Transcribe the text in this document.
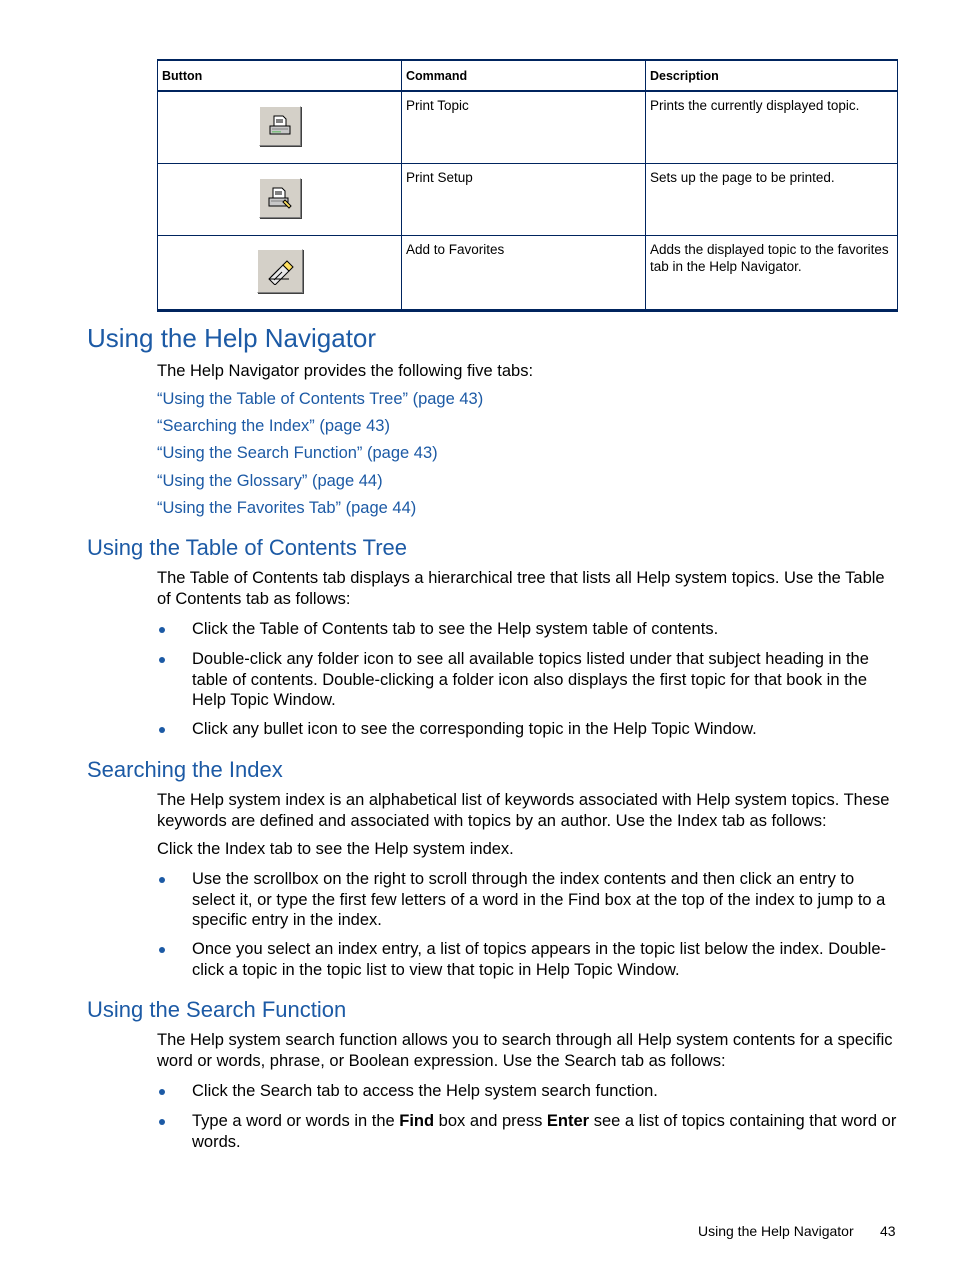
Button	Command	Description

	Print Topic	Prints the currently displayed topic.

	Print Setup	Sets up the page to be printed.

	Add to Favorites	Adds the displayed topic to the favorites tab in the Help Navigator.
Using the Help Navigator

The Help Navigator provides the following five tabs:

“Using the Table of Contents Tree” (page 43)
“Searching the Index” (page 43)
“Using the Search Function” (page 43)
“Using the Glossary” (page 44)
“Using the Favorites Tab” (page 44)
Using the Table of Contents Tree

The Table of Contents tab displays a hierarchical tree that lists all Help system topics. Use the Table of Contents tab as follows:

Click the Table of Contents tab to see the Help system table of contents.
Double-click any folder icon to see all available topics listed under that subject heading in the table of contents. Double-clicking a folder icon also displays the first topic for that book in the Help Topic Window.
Click any bullet icon to see the corresponding topic in the Help Topic Window.
Searching the Index

The Help system index is an alphabetical list of keywords associated with Help system topics. These keywords are defined and associated with topics by an author. Use the Index tab as follows:

Click the Index tab to see the Help system index.

Use the scrollbox on the right to scroll through the index contents and then click an entry to select it, or type the first few letters of a word in the Find box at the top of the index to jump to a specific entry in the index.
Once you select an index entry, a list of topics appears in the topic list below the index. Double-click a topic in the topic list to view that topic in Help Topic Window.
Using the Search Function

The Help system search function allows you to search through all Help system contents for a specific word or words, phrase, or Boolean expression. Use the Search tab as follows:

Click the Search tab to access the Help system search function.
Type a word or words in the Find box and press Enter see a list of topics containing that word or words.
Using the Help Navigator 43
